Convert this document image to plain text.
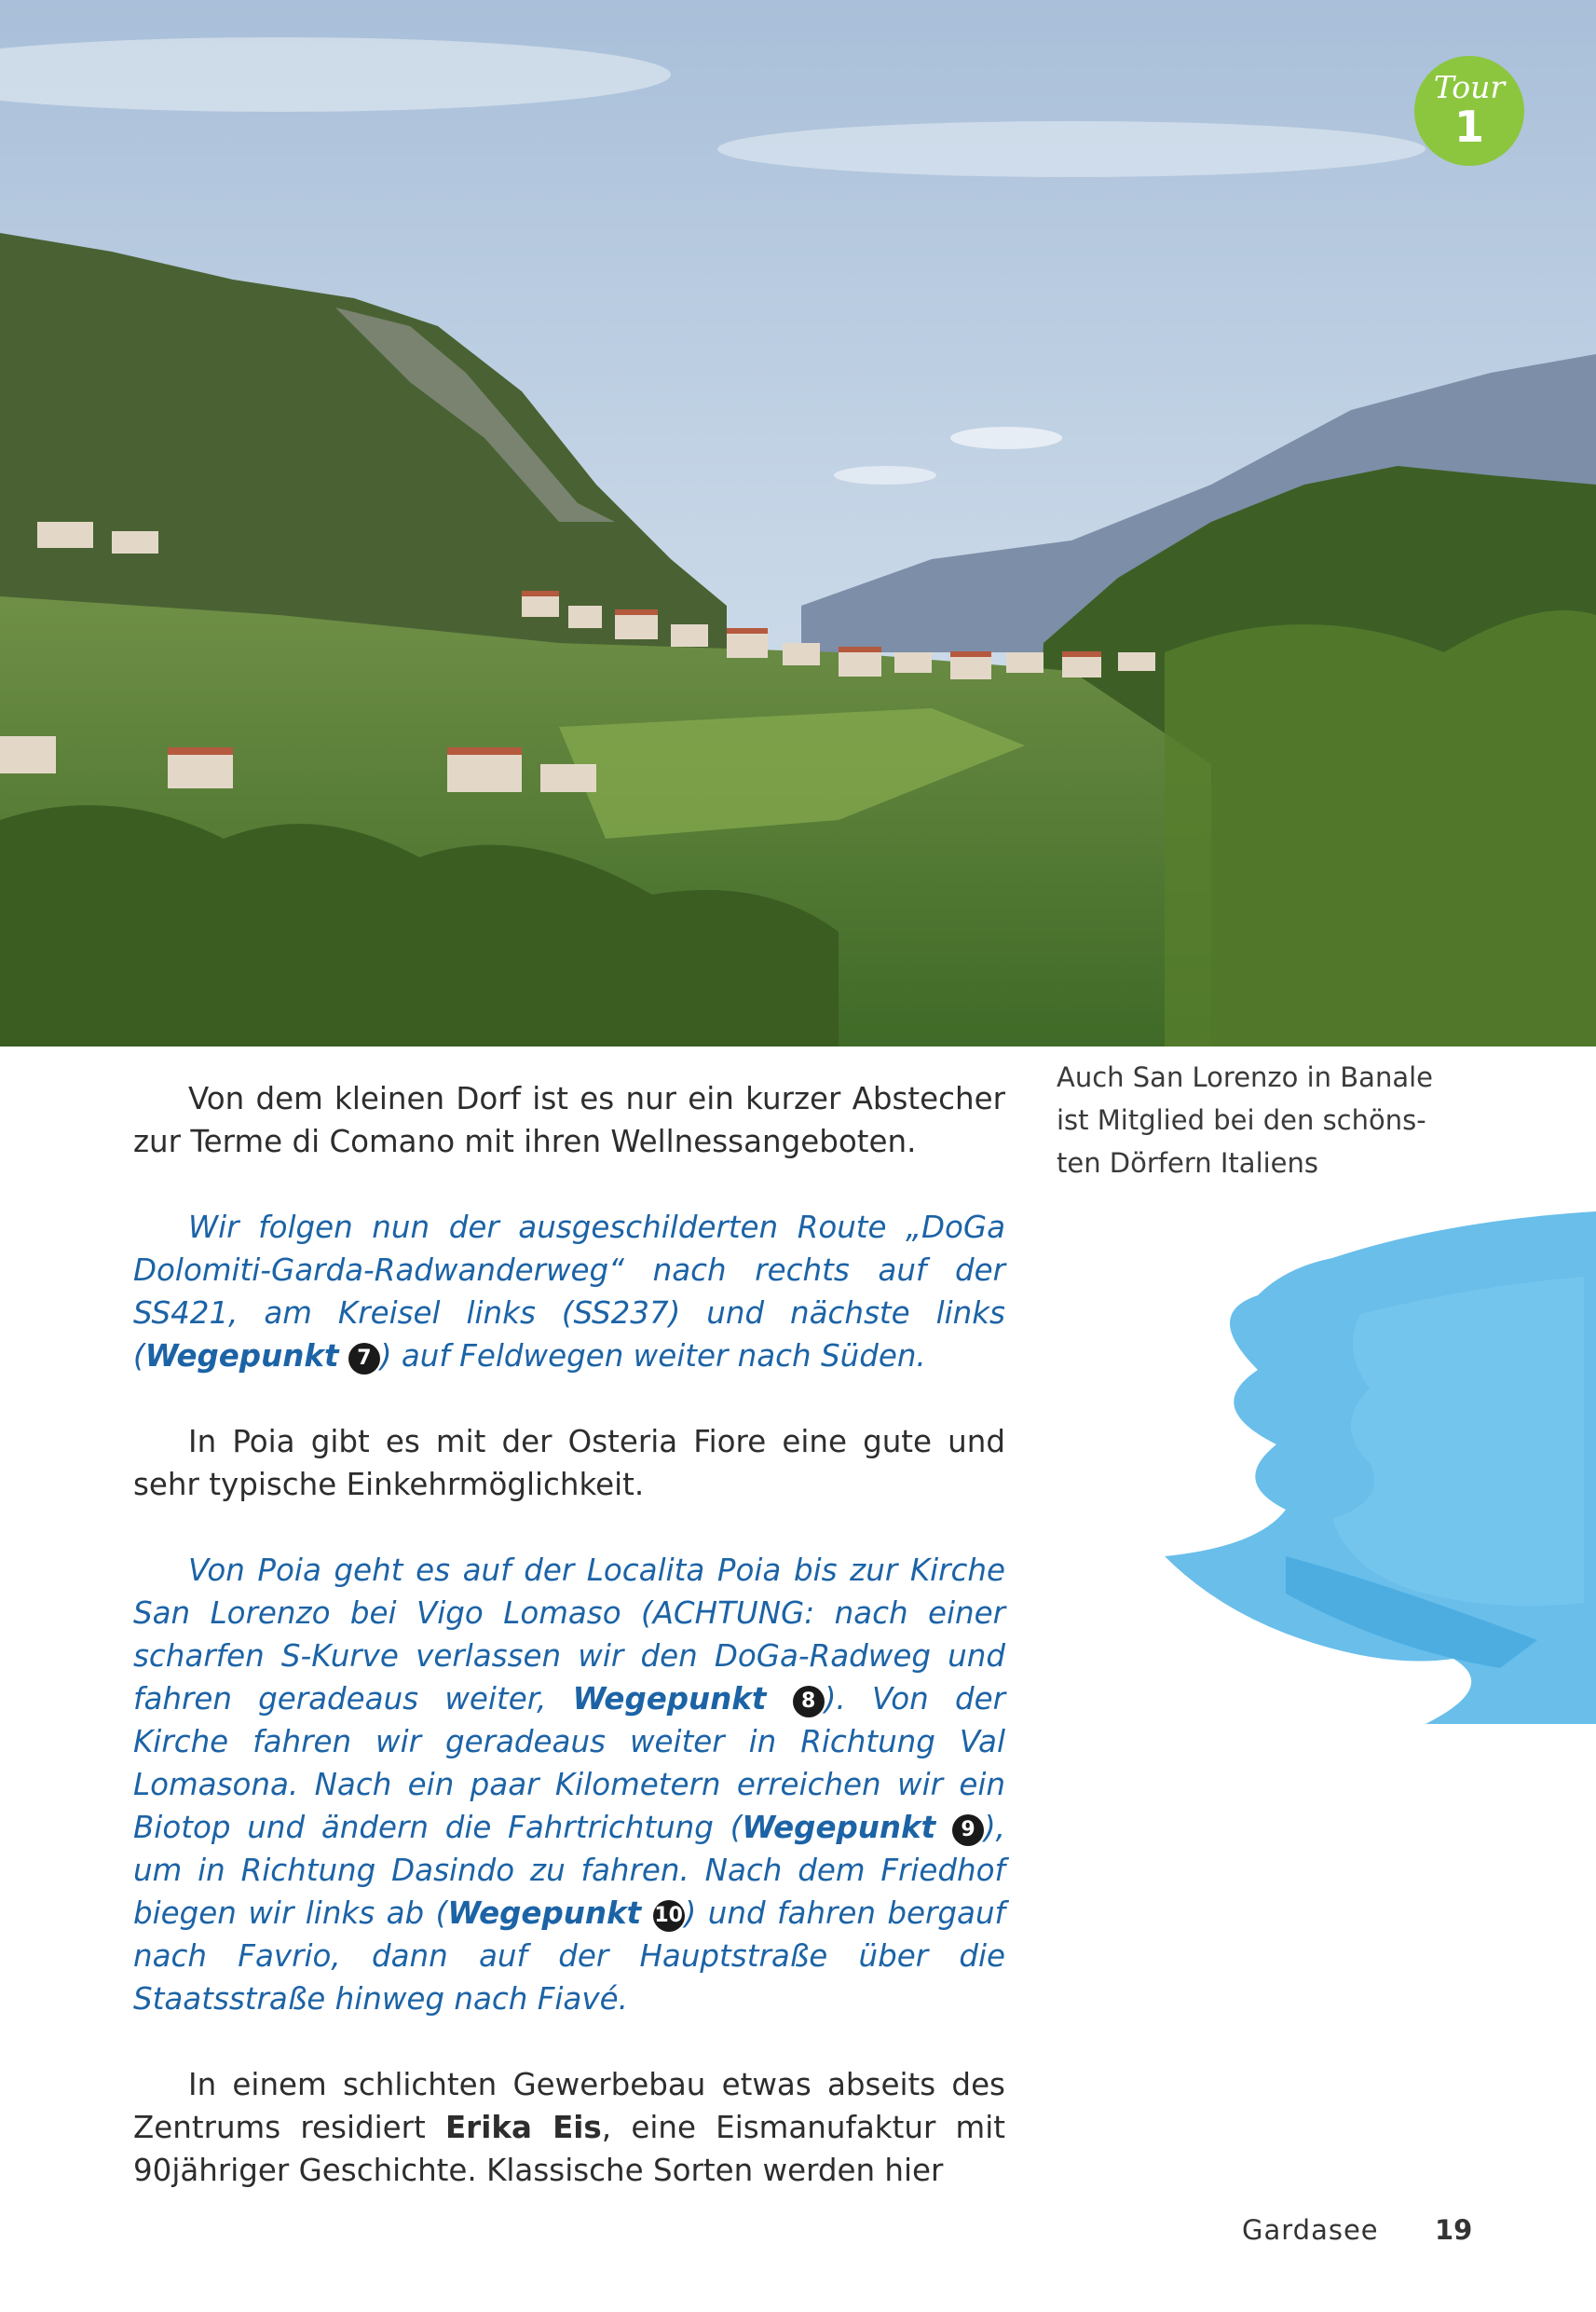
Tour
1

Von dem kleinen Dorf ist es nur ein kurzer Abstecher zur Terme di Comano mit ihren Wellnessangeboten.

Wir folgen nun der ausgeschilderten Route „DoGa Dolomiti-Garda-Radwanderweg“ nach rechts auf der SS421, am Kreisel links (SS237) und nächste links (Wegepunkt 7 ) auf Feldwegen weiter nach Süden.

In Poia gibt es mit der Osteria Fiore eine gute und sehr typische Einkehrmöglichkeit.

Von Poia geht es auf der Localita Poia bis zur Kirche San Lorenzo bei Vigo Lomaso (ACHTUNG: nach einer scharfen S-Kurve verlassen wir den DoGa-Radweg und fahren geradeaus weiter, Wegepunkt 8 ). Von der Kirche fahren wir geradeaus weiter in Richtung Val Lomasona. Nach ein paar Kilometern erreichen wir ein Biotop und ändern die Fahrtrichtung (Wegepunkt 9 ), um in Richtung Dasindo zu fahren. Nach dem Friedhof biegen wir links ab (Wegepunkt 10) und fahren bergauf nach Favrio, dann auf der Hauptstraße über die Staatsstraße hinweg nach Fiavé.

In einem schlichten Gewerbebau etwas abseits des Zentrums residiert Erika Eis, eine Eismanufaktur mit 90jähriger Geschichte. Klassische Sorten werden hier

Auch San Lorenzo in Banale
ist Mitglied bei den schöns-
ten Dörfern Italiens
Gardasee 19
